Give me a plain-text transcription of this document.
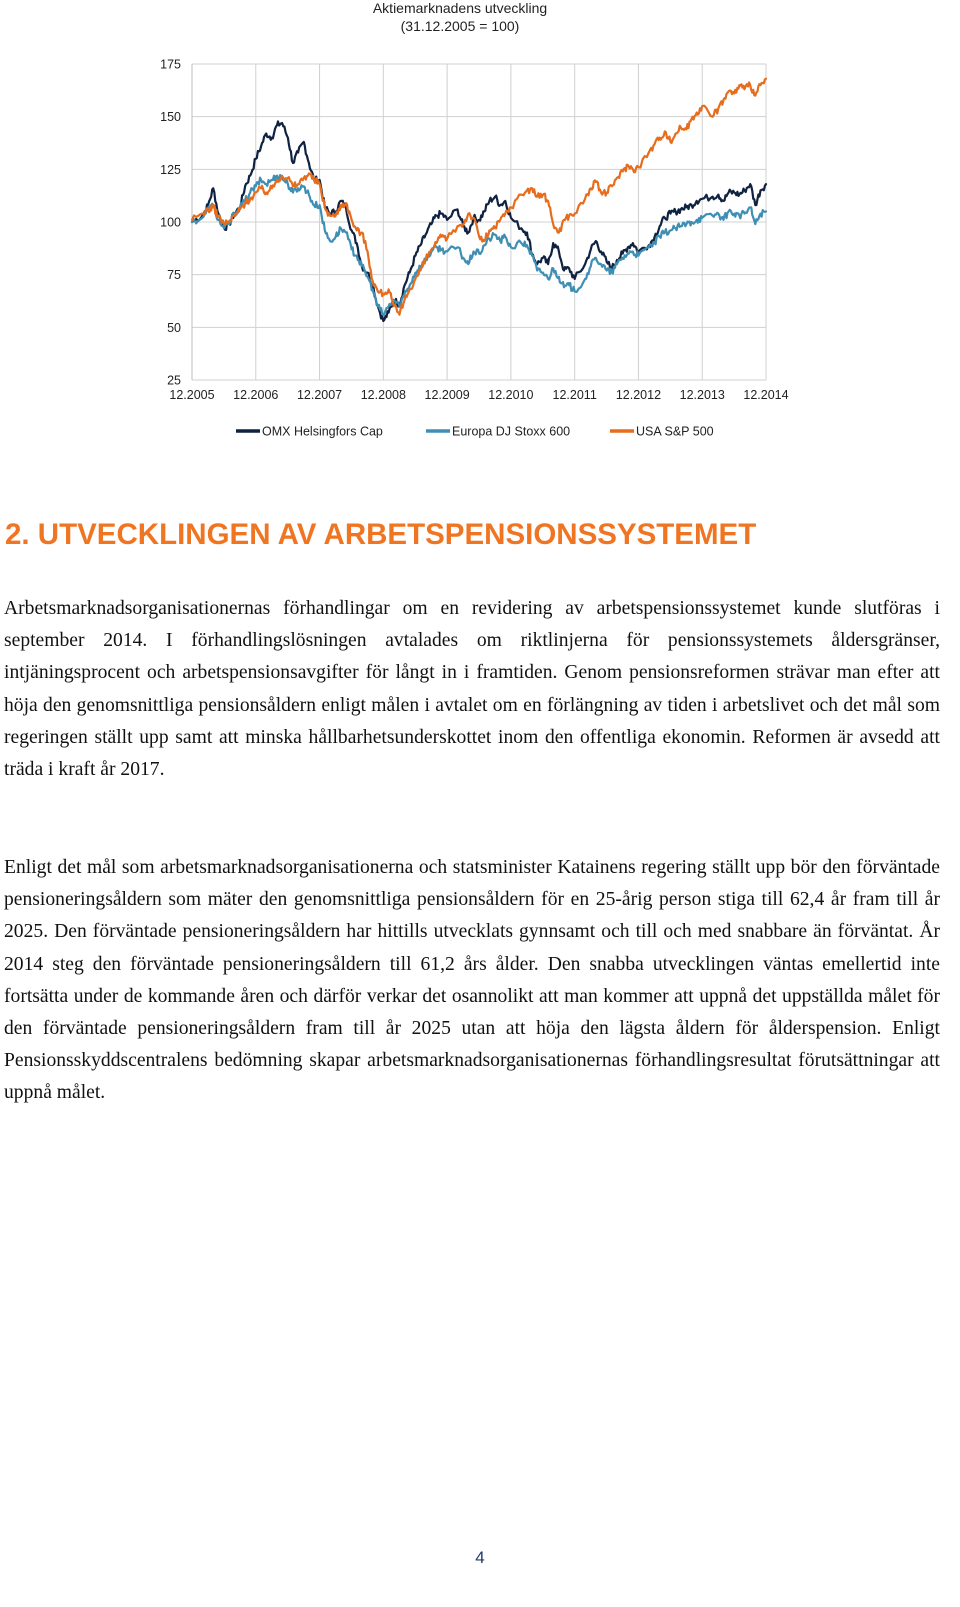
Aktiemarknadens utveckling
(31.12.2005 = 100)
25
50
75
100
125
150
175
12.2005 12.2006 12.2007 12.2008 12.2009 12.2010 12.2011 12.2012 12.2013 12.2014
OMX Helsingfors Cap	Europa DJ Stoxx 600	USA S&P 500
2. UTVECKLINGEN AV ARBETSPENSIONSSYSTEMET

Arbetsmarknadsorganisationernas förhandlingar om en revidering av arbetspensionssystemet kunde slutföras i september 2014. I förhandlingslösningen avtalades om riktlinjerna för pensionssystemets åldersgränser, intjäningsprocent och arbetspensionsavgifter för långt in i framtiden. Genom pensionsreformen strävar man efter att höja den genomsnittliga pensionsåldern enligt målen i avtalet om en förlängning av tiden i arbetslivet och det mål som regeringen ställt upp samt att minska hållbarhetsunderskottet inom den offentliga ekonomin. Reformen är avsedd att träda i kraft år 2017.

Enligt det mål som arbetsmarknadsorganisationerna och statsminister Katainens regering ställt upp bör den förväntade pensioneringsåldern som mäter den genomsnittliga pensionsåldern för en 25-årig person stiga till 62,4 år fram till år 2025. Den förväntade pensioneringsåldern har hittills utvecklats gynnsamt och till och med snabbare än förväntat. År 2014 steg den förväntade pensioneringsåldern till 61,2 års ålder. Den snabba utvecklingen väntas emellertid inte fortsätta under de kommande åren och därför verkar det osannolikt att man kommer att uppnå det uppställda målet för den förväntade pensioneringsåldern fram till år 2025 utan att höja den lägsta åldern för ålderspension. Enligt Pensionsskyddscentralens bedömning skapar arbetsmarknadsorganisationernas förhandlingsresultat förutsättningar att uppnå målet.

4
